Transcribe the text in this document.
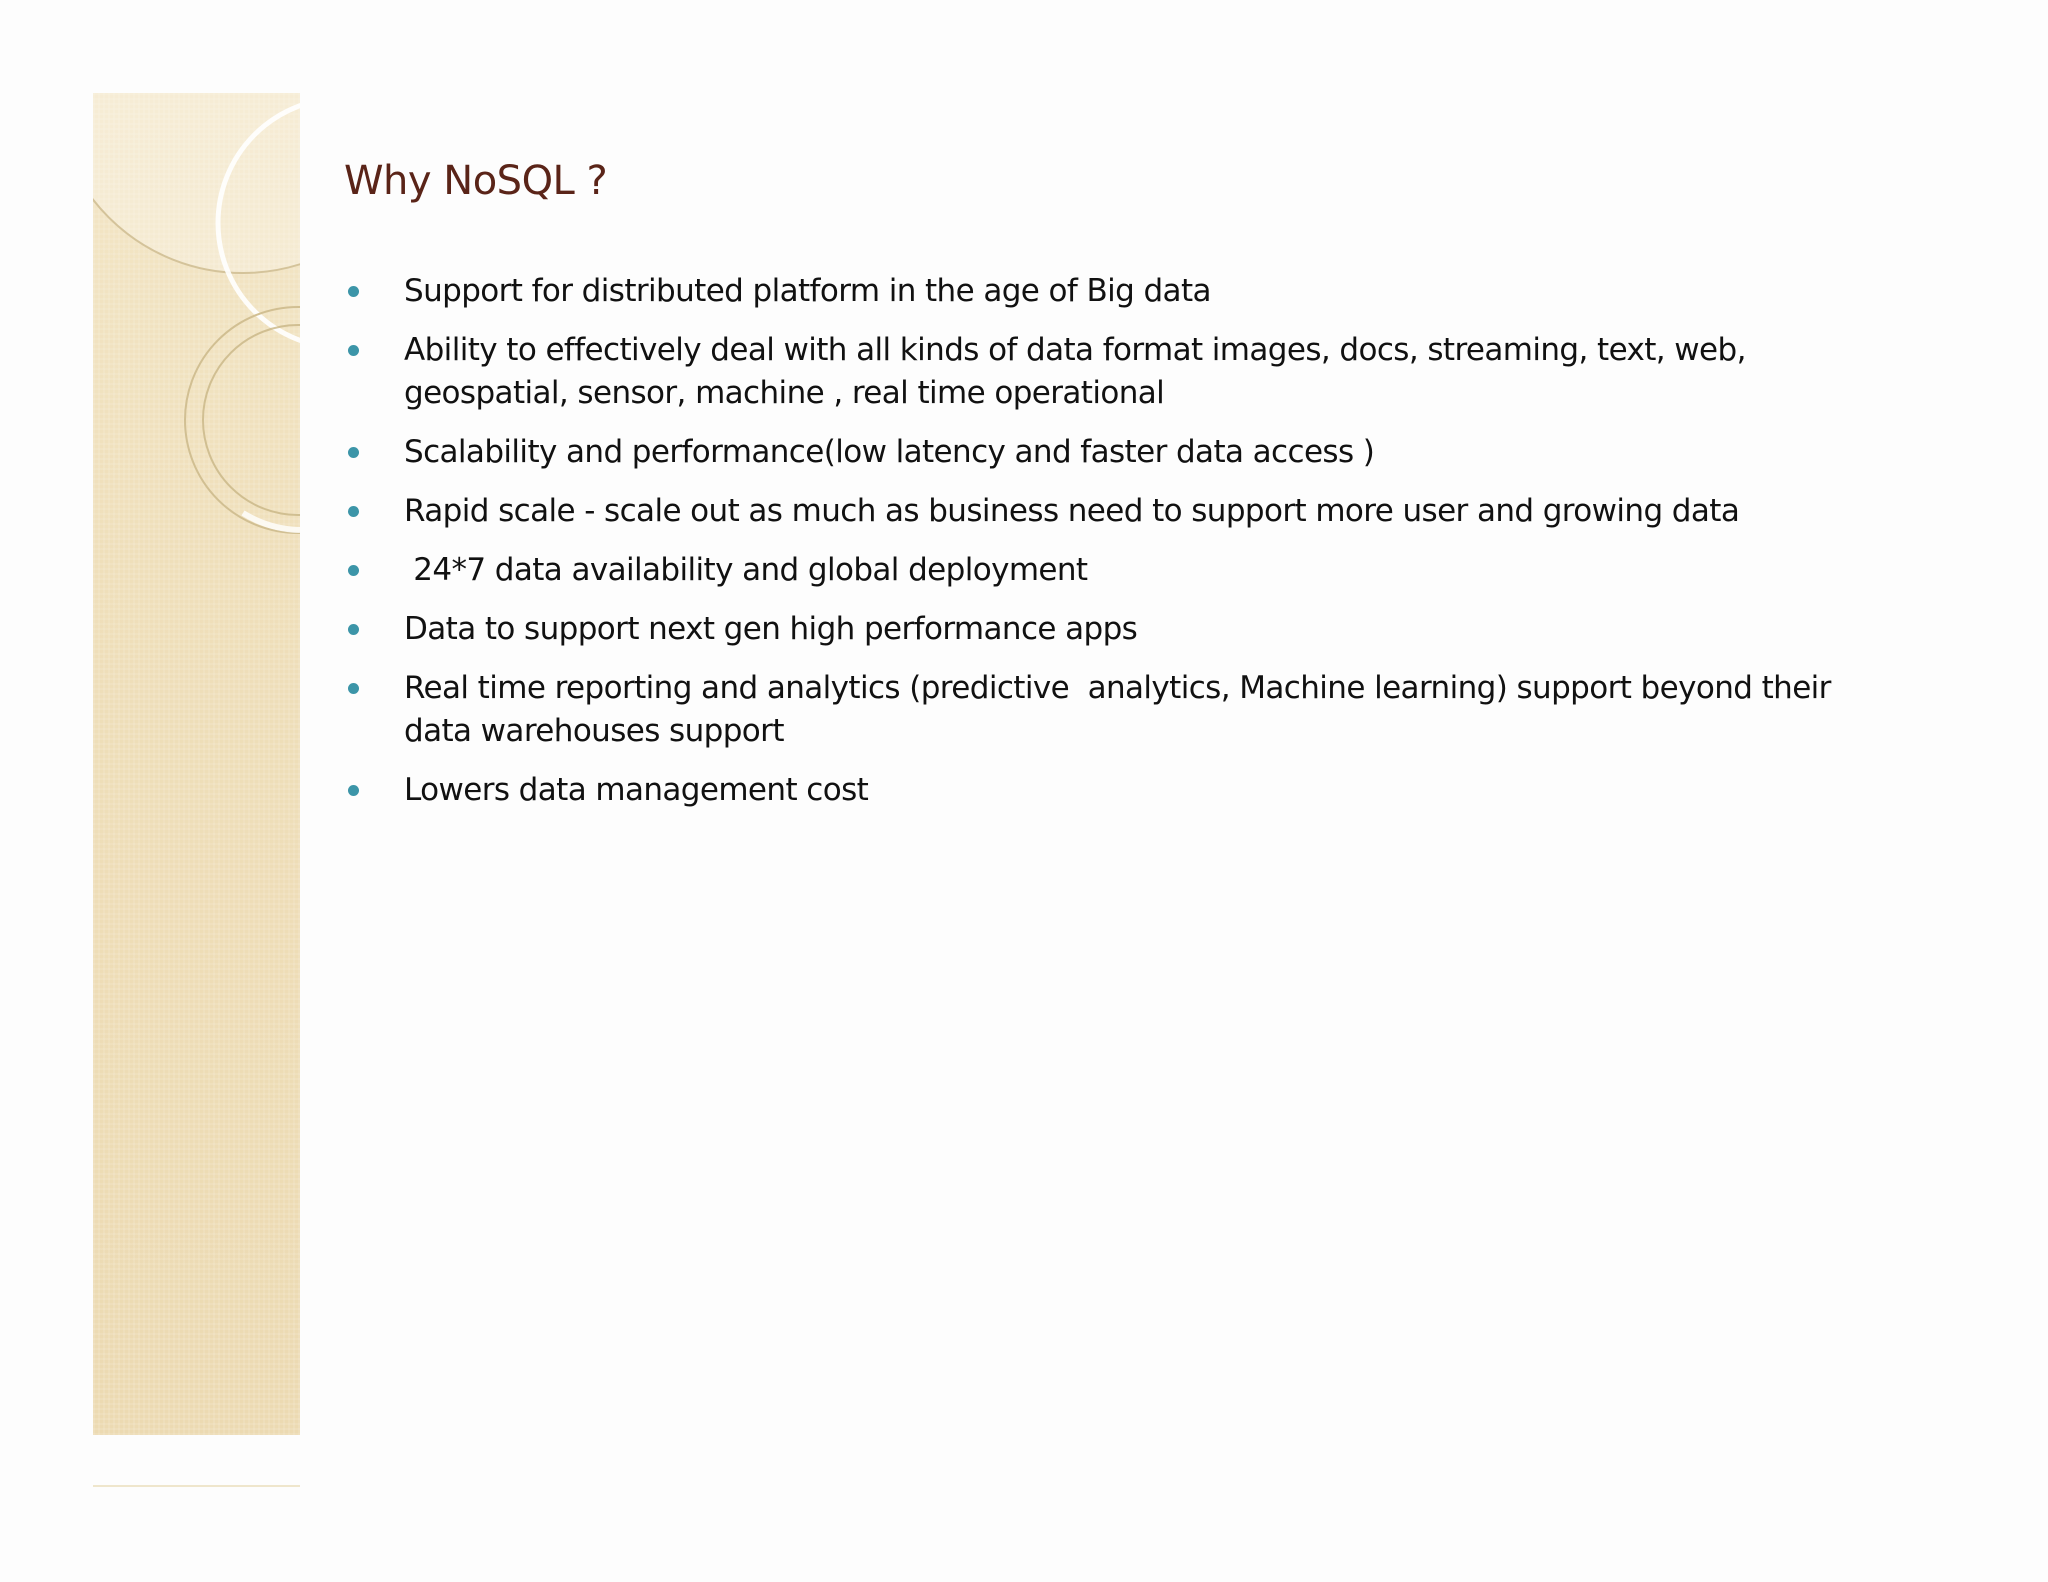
Why NoSQL ?
Support for distributed platform in the age of Big data
Ability to effectively deal with all kinds of data format images, docs, streaming, text, web, geospatial, sensor, machine , real time operational
Scalability and performance(low latency and faster data access )
Rapid scale - scale out as much as business need to support more user and growing data
24*7 data availability and global deployment
Data to support next gen high performance apps
Real time reporting and analytics (predictive  analytics, Machine learning) support beyond their data warehouses support
Lowers data management cost
